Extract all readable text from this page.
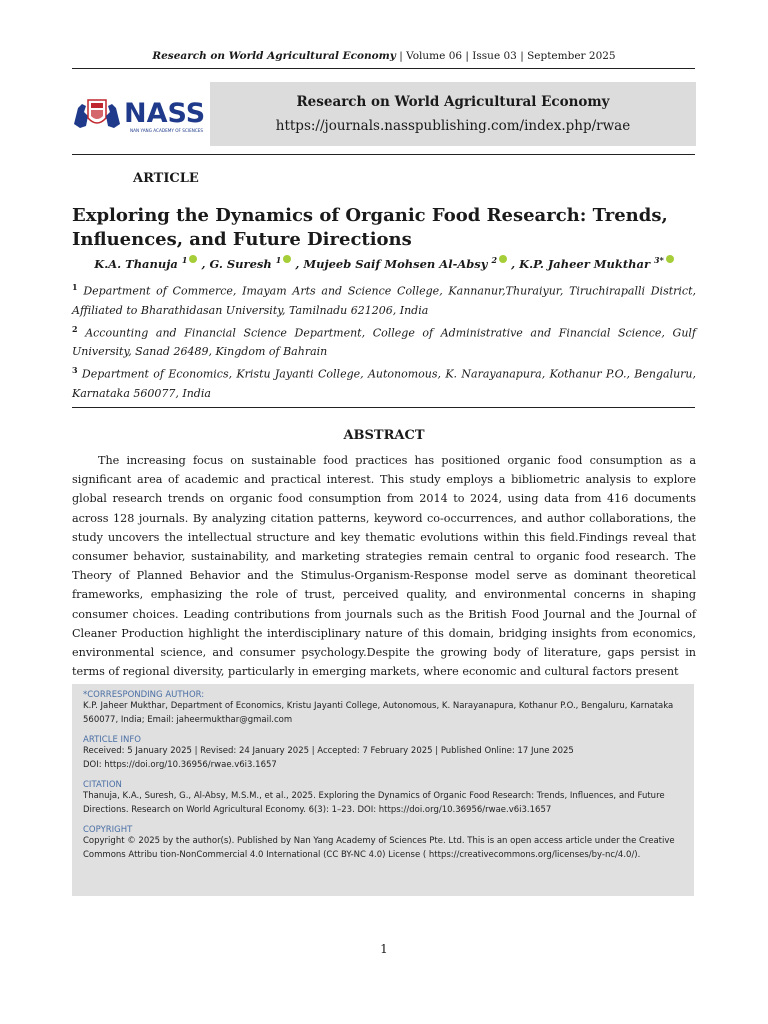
Research on World Agricultural Economy | Volume 06 | Issue 03 | September 2025
NASS
NAN YANG ACADEMY OF SCIENCES
Research on World Agricultural Economy
https://journals.nasspublishing.com/index.php/rwae
ARTICLE
Exploring the Dynamics of Organic Food Research: Trends, Influences, and Future Directions
K.A. Thanuja $^1$ , G. Suresh $^1$ , Mujeeb Saif Mohsen Al-Absy $^2$ , K.P. Jaheer Mukthar $^{3*}$

$^1$ Department of Commerce, Imayam Arts and Science College, Kannanur,Thuraiyur, Tiruchirapalli District, Affiliated to Bharathidasan University, Tamilnadu 621206, India

$^2$ Accounting and Financial Science Department, College of Administrative and Financial Science, Gulf University, Sanad 26489, Kingdom of Bahrain

$^3$ Department of Economics, Kristu Jayanti College, Autonomous, K. Narayanapura, Kothanur P.O., Bengaluru, Karnataka 560077, India

ABSTRACT

The increasing focus on sustainable food practices has positioned organic food consumption as a significant area of academic and practical interest. This study employs a bibliometric analysis to explore global research trends on organic food consumption from 2014 to 2024, using data from 416 documents across 128 journals. By analyzing citation patterns, keyword co-occurrences, and author collaborations, the study uncovers the intellectual structure and key thematic evolutions within this field.Findings reveal that consumer behavior, sustainability, and marketing strategies remain central to organic food research. The Theory of Planned Behavior and the Stimulus-Organism-Response model serve as dominant theoretical frameworks, emphasizing the role of trust, perceived quality, and environmental concerns in shaping consumer choices. Leading contributions from journals such as the British Food Journal and the Journal of Cleaner Production highlight the interdisciplinary nature of this domain, bridging insights from economics, environmental science, and consumer psychology.Despite the growing body of literature, gaps persist in terms of regional diversity, particularly in emerging markets, where economic and cultural factors present

*CORRESPONDING AUTHOR:
K.P. Jaheer Mukthar, Department of Economics, Kristu Jayanti College, Autonomous, K. Narayanapura, Kothanur P.O., Bengaluru, Karnataka 560077, India; Email: jaheermukthar@gmail.com
ARTICLE INFO
Received: 5 January 2025 | Revised: 24 January 2025 | Accepted: 7 February 2025 | Published Online: 17 June 2025
DOI: https://doi.org/10.36956/rwae.v6i3.1657
CITATION
Thanuja, K.A., Suresh, G., Al-Absy, M.S.M., et al., 2025. Exploring the Dynamics of Organic Food Research: Trends, Influences, and Future Directions. Research on World Agricultural Economy. 6(3): 1–23. DOI: https://doi.org/10.36956/rwae.v6i3.1657
COPYRIGHT
Copyright © 2025 by the author(s). Published by Nan Yang Academy of Sciences Pte. Ltd. This is an open access article under the Creative Commons Attribu tion-NonCommercial 4.0 International (CC BY-NC 4.0) License ( https://creativecommons.org/licenses/by-nc/4.0/).
1
